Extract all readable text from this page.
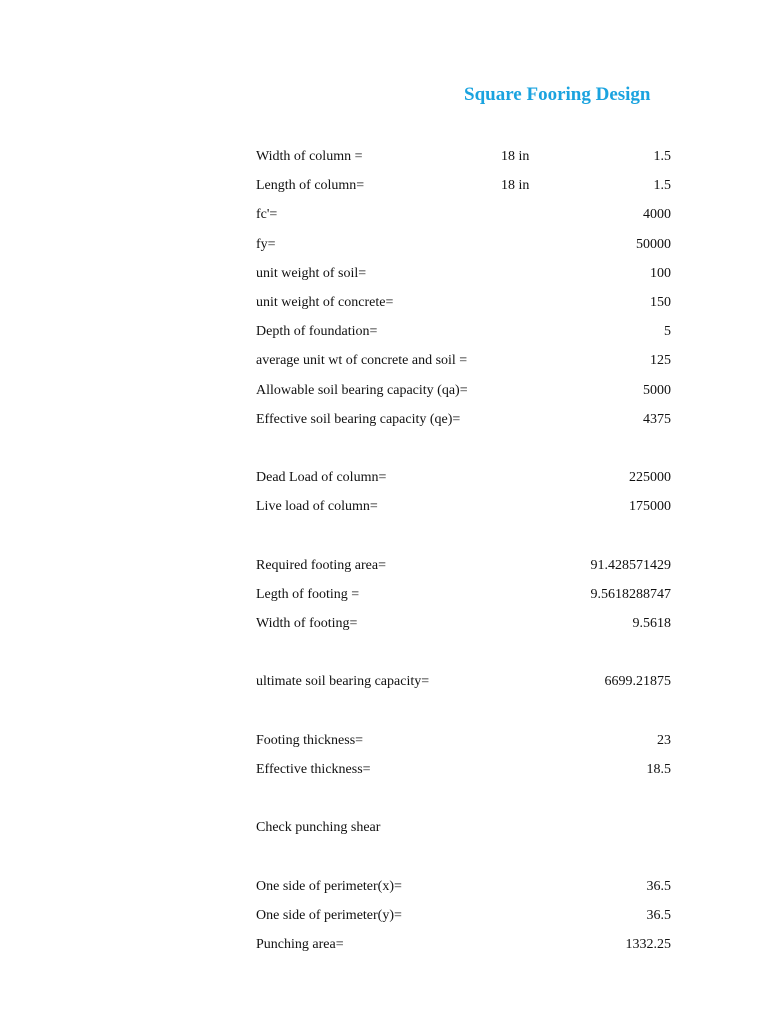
Square Fooring Design
Width of column =	18 in	1.5
Length of column=	18 in	1.5
fc'=	4000
fy=	50000
unit weight of soil=	100
unit weight of concrete=	150
Depth of foundation=	5
average unit wt of concrete and soil =	125
Allowable soil bearing capacity (qa)=	5000
Effective soil bearing capacity (qe)=	4375
Dead Load of column=	225000
Live load of column=	175000
Required footing area=	91.428571429
Legth of footing =	9.5618288747
Width of footing=	9.5618
ultimate soil bearing capacity=	6699.21875
Footing thickness=	23
Effective thickness=	18.5
Check punching shear
One side of perimeter(x)=	36.5
One side of perimeter(y)=	36.5
Punching area=	1332.25
